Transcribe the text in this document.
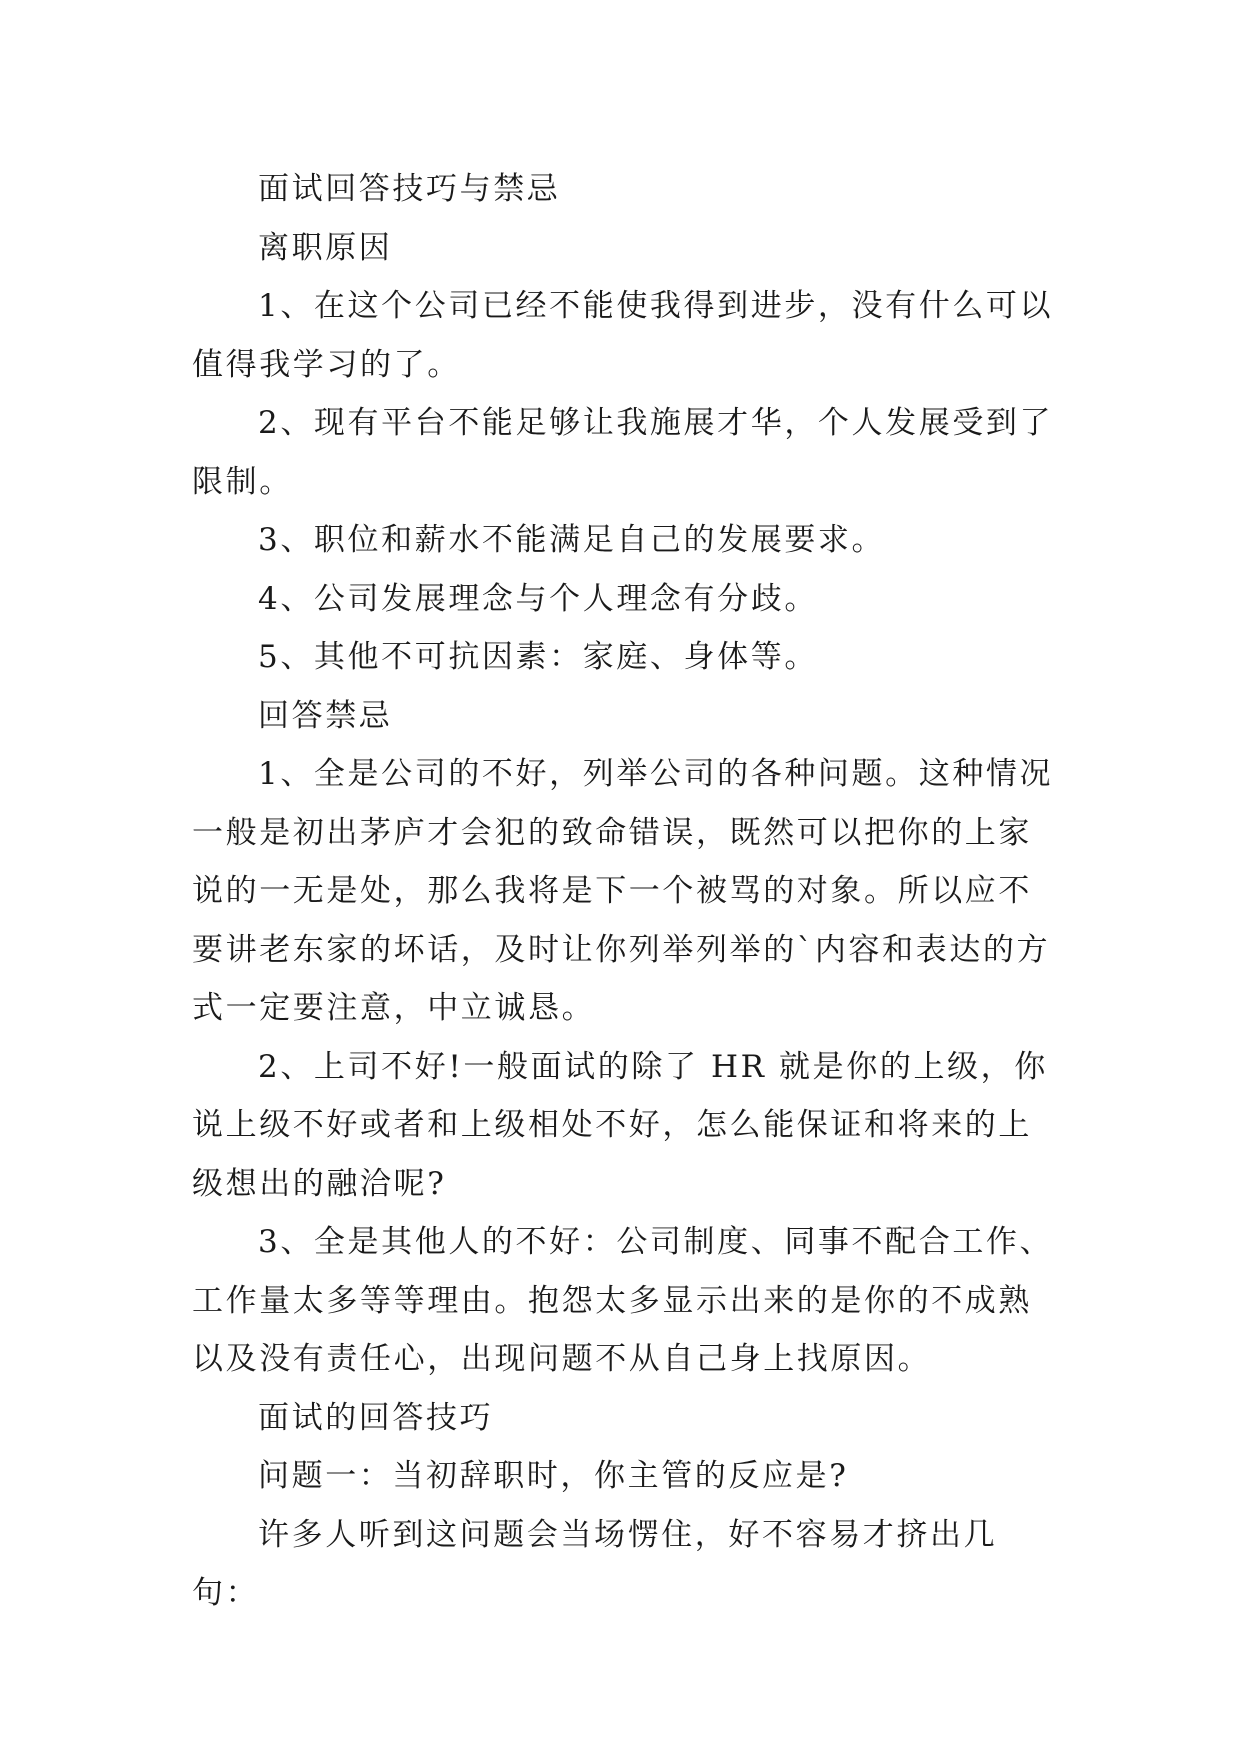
面试回答技巧与禁忌

离职原因

1、在这个公司已经不能使我得到进步，没有什么可以值得我学习的了。

2、现有平台不能足够让我施展才华，个人发展受到了限制。

3、职位和薪水不能满足自己的发展要求。

4、公司发展理念与个人理念有分歧。

5、其他不可抗因素：家庭、身体等。

回答禁忌

1、全是公司的不好，列举公司的各种问题。这种情况一般是初出茅庐才会犯的致命错误，既然可以把你的上家说的一无是处，那么我将是下一个被骂的对象。所以应不要讲老东家的坏话，及时让你列举列举的`内容和表达的方式一定要注意，中立诚恳。

2、上司不好!一般面试的除了 HR 就是你的上级，你说上级不好或者和上级相处不好，怎么能保证和将来的上级想出的融洽呢?

3、全是其他人的不好：公司制度、同事不配合工作、工作量太多等等理由。抱怨太多显示出来的是你的不成熟以及没有责任心，出现问题不从自己身上找原因。

面试的回答技巧

问题一：当初辞职时，你主管的反应是?

许多人听到这问题会当场愣住，好不容易才挤出几句：
